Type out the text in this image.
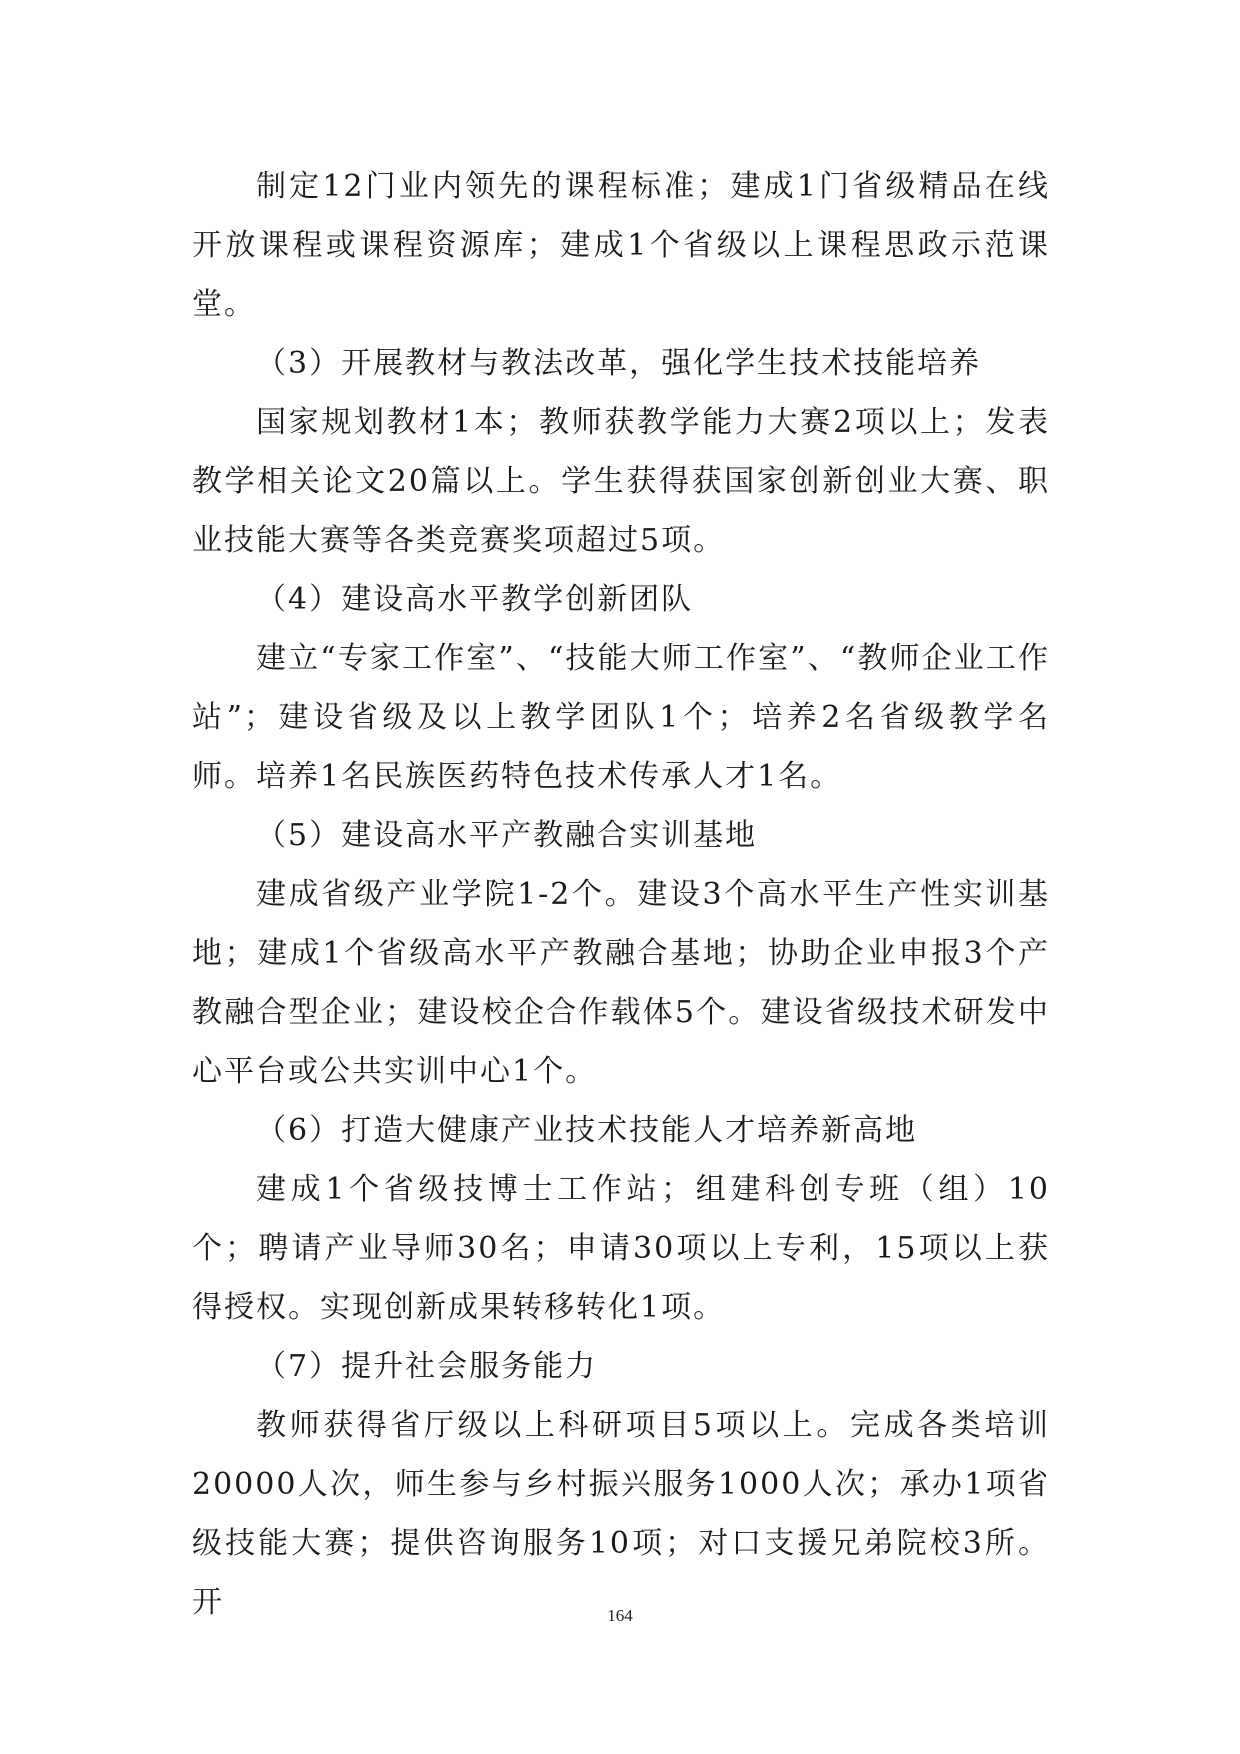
制定12门业内领先的课程标准；建成1门省级精品在线开放课程或课程资源库；建成1个省级以上课程思政示范课堂。

（3）开展教材与教法改革，强化学生技术技能培养

国家规划教材1本；教师获教学能力大赛2项以上；发表教学相关论文20篇以上。学生获得获国家创新创业大赛、职业技能大赛等各类竞赛奖项超过5项。

（4）建设高水平教学创新团队

建立“专家工作室”、“技能大师工作室”、“教师企业工作站”；建设省级及以上教学团队1个；培养2名省级教学名师。培养1名民族医药特色技术传承人才1名。

（5）建设高水平产教融合实训基地

建成省级产业学院1-2个。建设3个高水平生产性实训基地；建成1个省级高水平产教融合基地；协助企业申报3个产教融合型企业；建设校企合作载体5个。建设省级技术研发中心平台或公共实训中心1个。

（6）打造大健康产业技术技能人才培养新高地

建成1个省级技博士工作站；组建科创专班（组）10个；聘请产业导师30名；申请30项以上专利，15项以上获得授权。实现创新成果转移转化1项。

（7）提升社会服务能力

教师获得省厅级以上科研项目5项以上。完成各类培训20000人次，师生参与乡村振兴服务1000人次；承办1项省级技能大赛；提供咨询服务10项；对口支援兄弟院校3所。开	164
